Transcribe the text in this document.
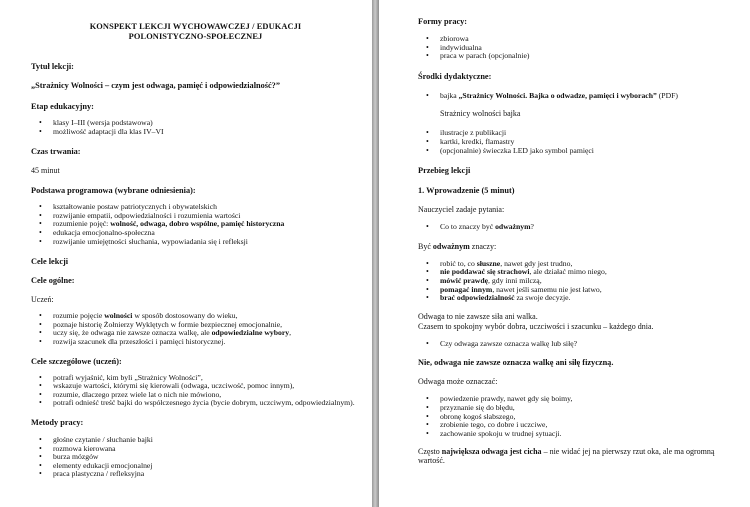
KONSPEKT LEKCJI WYCHOWAWCZEJ / EDUKACJI POLONISTYCZNO-SPOŁECZNEJ
Tytuł lekcji:
„Strażnicy Wolności – czym jest odwaga, pamięć i odpowiedzialność?”
Etap edukacyjny:
• klasy I–III (wersja podstawowa)
• możliwość adaptacji dla klas IV–VI
Czas trwania:
45 minut
Podstawa programowa (wybrane odniesienia):
• kształtowanie postaw patriotycznych i obywatelskich
• rozwijanie empatii, odpowiedzialności i rozumienia wartości
• rozumienie pojęć: wolność, odwaga, dobro wspólne, pamięć historyczna
• edukacja emocjonalno-społeczna
• rozwijanie umiejętności słuchania, wypowiadania się i refleksji
Cele lekcji
Cele ogólne:
Uczeń:
• rozumie pojęcie wolności w sposób dostosowany do wieku,
• poznaje historię Żołnierzy Wyklętych w formie bezpiecznej emocjonalnie,
• uczy się, że odwaga nie zawsze oznacza walkę, ale odpowiedzialne wybory,
• rozwija szacunek dla przeszłości i pamięci historycznej.
Cele szczegółowe (uczeń):
• potrafi wyjaśnić, kim byli „Strażnicy Wolności”,
• wskazuje wartości, którymi się kierowali (odwaga, uczciwość, pomoc innym),
• rozumie, dlaczego przez wiele lat o nich nie mówiono,
• potrafi odnieść treść bajki do współczesnego życia (bycie dobrym, uczciwym, odpowiedzialnym).
Metody pracy:
• głośne czytanie / słuchanie bajki
• rozmowa kierowana
• burza mózgów
• elementy edukacji emocjonalnej
• praca plastyczna / refleksyjna
Formy pracy:
• zbiorowa
• indywidualna
• praca w parach (opcjonalnie)
Środki dydaktyczne:
• bajka „Strażnicy Wolności. Bajka o odwadze, pamięci i wyborach” (PDF)
Strażnicy wolności bajka
• ilustracje z publikacji
• kartki, kredki, flamastry
• (opcjonalnie) świeczka LED jako symbol pamięci
Przebieg lekcji
1. Wprowadzenie (5 minut)
Nauczyciel zadaje pytania:
• Co to znaczy być odważnym?
Być odważnym znaczy:
• robić to, co słuszne, nawet gdy jest trudno,
• nie poddawać się strachowi, ale działać mimo niego,
• mówić prawdę, gdy inni milczą,
• pomagać innym, nawet jeśli samemu nie jest łatwo,
• brać odpowiedzialność za swoje decyzje.
Odwaga to nie zawsze siła ani walka.
Czasem to spokojny wybór dobra, uczciwości i szacunku – każdego dnia.
• Czy odwaga zawsze oznacza walkę lub siłę?
Nie, odwaga nie zawsze oznacza walkę ani siłę fizyczną.
Odwaga może oznaczać:
• powiedzenie prawdy, nawet gdy się boimy,
• przyznanie się do błędu,
• obronę kogoś słabszego,
• zrobienie tego, co dobre i uczciwe,
• zachowanie spokoju w trudnej sytuacji.
Często największa odwaga jest cicha – nie widać jej na pierwszy rzut oka, ale ma ogromną wartość.
